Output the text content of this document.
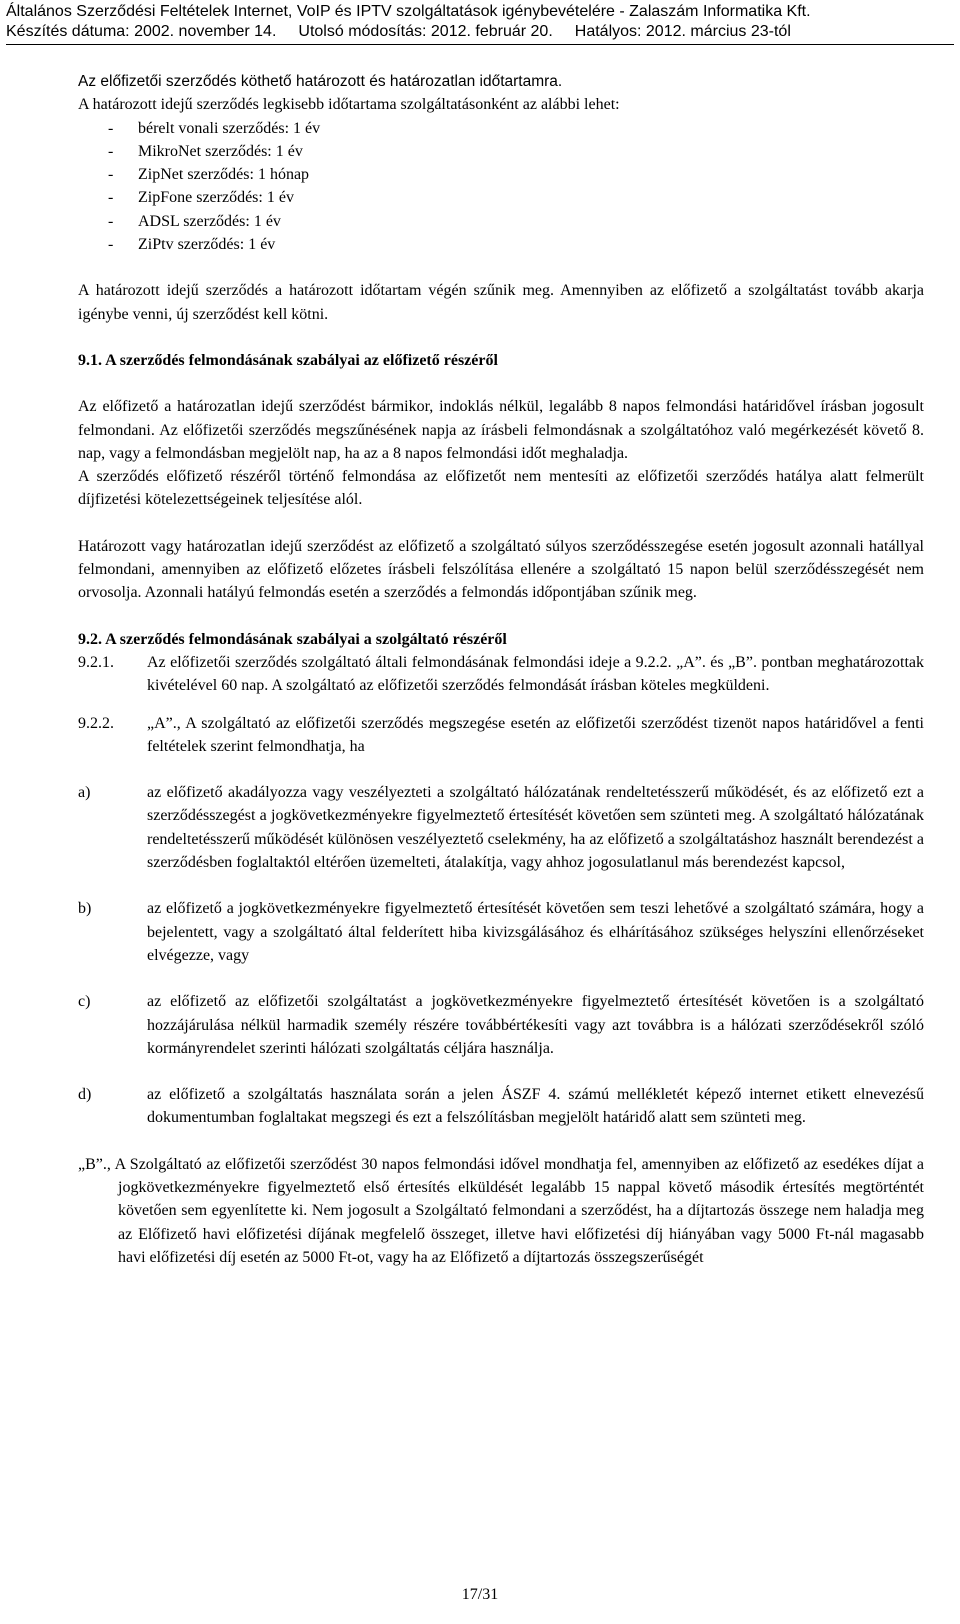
Általános Szerződési Feltételek Internet, VoIP és IPTV szolgáltatások igénybevételére - Zalaszám Informatika Kft.
Készítés dátuma: 2002. november 14. Utolsó módosítás: 2012. február 20. Hatályos: 2012. március 23-tól

Az előfizetői szerződés köthető határozott és határozatlan időtartamra.

A határozott idejű szerződés legkisebb időtartama szolgáltatásonként az alábbi lehet:

-	bérelt vonali szerződés: 1 év
-	MikroNet szerződés: 1 év
-	ZipNet szerződés: 1 hónap
-	ZipFone szerződés: 1 év
-	ADSL szerződés: 1 év
-	ZiPtv szerződés: 1 év

A határozott idejű szerződés a határozott időtartam végén szűnik meg. Amennyiben az előfizető a szolgáltatást tovább akarja igénybe venni, új szerződést kell kötni.

9.1. A szerződés felmondásának szabályai az előfizető részéről

Az előfizető a határozatlan idejű szerződést bármikor, indoklás nélkül, legalább 8 napos felmondási határidővel írásban jogosult felmondani. Az előfizetői szerződés megszűnésének napja az írásbeli felmondásnak a szolgáltatóhoz való megérkezését követő 8. nap, vagy a felmondásban megjelölt nap, ha az a 8 napos felmondási időt meghaladja.

A szerződés előfizető részéről történő felmondása az előfizetőt nem mentesíti az előfizetői szerződés hatálya alatt felmerült díjfizetési kötelezettségeinek teljesítése alól.

Határozott vagy határozatlan idejű szerződést az előfizető a szolgáltató súlyos szerződésszegése esetén jogosult azonnali hatállyal felmondani, amennyiben az előfizető előzetes írásbeli felszólítása ellenére a szolgáltató 15 napon belül szerződésszegését nem orvosolja. Azonnali hatályú felmondás esetén a szerződés a felmondás időpontjában szűnik meg.

9.2. A szerződés felmondásának szabályai a szolgáltató részéről

9.2.1.	Az előfizetői szerződés szolgáltató általi felmondásának felmondási ideje a 9.2.2. „A”. és „B”. pontban meghatározottak kivételével 60 nap. A szolgáltató az előfizetői szerződés felmondását írásban köteles megküldeni.
9.2.2.	„A”., A szolgáltató az előfizetői szerződés megszegése esetén az előfizetői szerződést tizenöt napos határidővel a fenti feltételek szerint felmondhatja, ha
a)	az előfizető akadályozza vagy veszélyezteti a szolgáltató hálózatának rendeltetésszerű működését, és az előfizető ezt a szerződésszegést a jogkövetkezményekre figyelmeztető értesítését követően sem szünteti meg. A szolgáltató hálózatának rendeltetésszerű működését különösen veszélyeztető cselekmény, ha az előfizető a szolgáltatáshoz használt berendezést a szerződésben foglaltaktól eltérően üzemelteti, átalakítja, vagy ahhoz jogosulatlanul más berendezést kapcsol,
b)	az előfizető a jogkövetkezményekre figyelmeztető értesítését követően sem teszi lehetővé a szolgáltató számára, hogy a bejelentett, vagy a szolgáltató által felderített hiba kivizsgálásához és elhárításához szükséges helyszíni ellenőrzéseket elvégezze, vagy
c)	az előfizető az előfizetői szolgáltatást a jogkövetkezményekre figyelmeztető értesítését követően is a szolgáltató hozzájárulása nélkül harmadik személy részére továbbértékesíti vagy azt továbbra is a hálózati szerződésekről szóló kormányrendelet szerinti hálózati szolgáltatás céljára használja.
d)	az előfizető a szolgáltatás használata során a jelen ÁSZF 4. számú mellékletét képező internet etikett elnevezésű dokumentumban foglaltakat megszegi és ezt a felszólításban megjelölt határidő alatt sem szünteti meg.

„B”., A Szolgáltató az előfizetői szerződést 30 napos felmondási idővel mondhatja fel, amennyiben az előfizető az esedékes díjat a jogkövetkezményekre figyelmeztető első értesítés elküldését legalább 15 nappal követő második értesítés megtörténtét követően sem egyenlítette ki. Nem jogosult a Szolgáltató felmondani a szerződést, ha a díjtartozás összege nem haladja meg az Előfizető havi előfizetési díjának megfelelő összeget, illetve havi előfizetési díj hiányában vagy 5000 Ft-nál magasabb havi előfizetési díj esetén az 5000 Ft-ot, vagy ha az Előfizető a díjtartozás összegszerűségét

17/31
